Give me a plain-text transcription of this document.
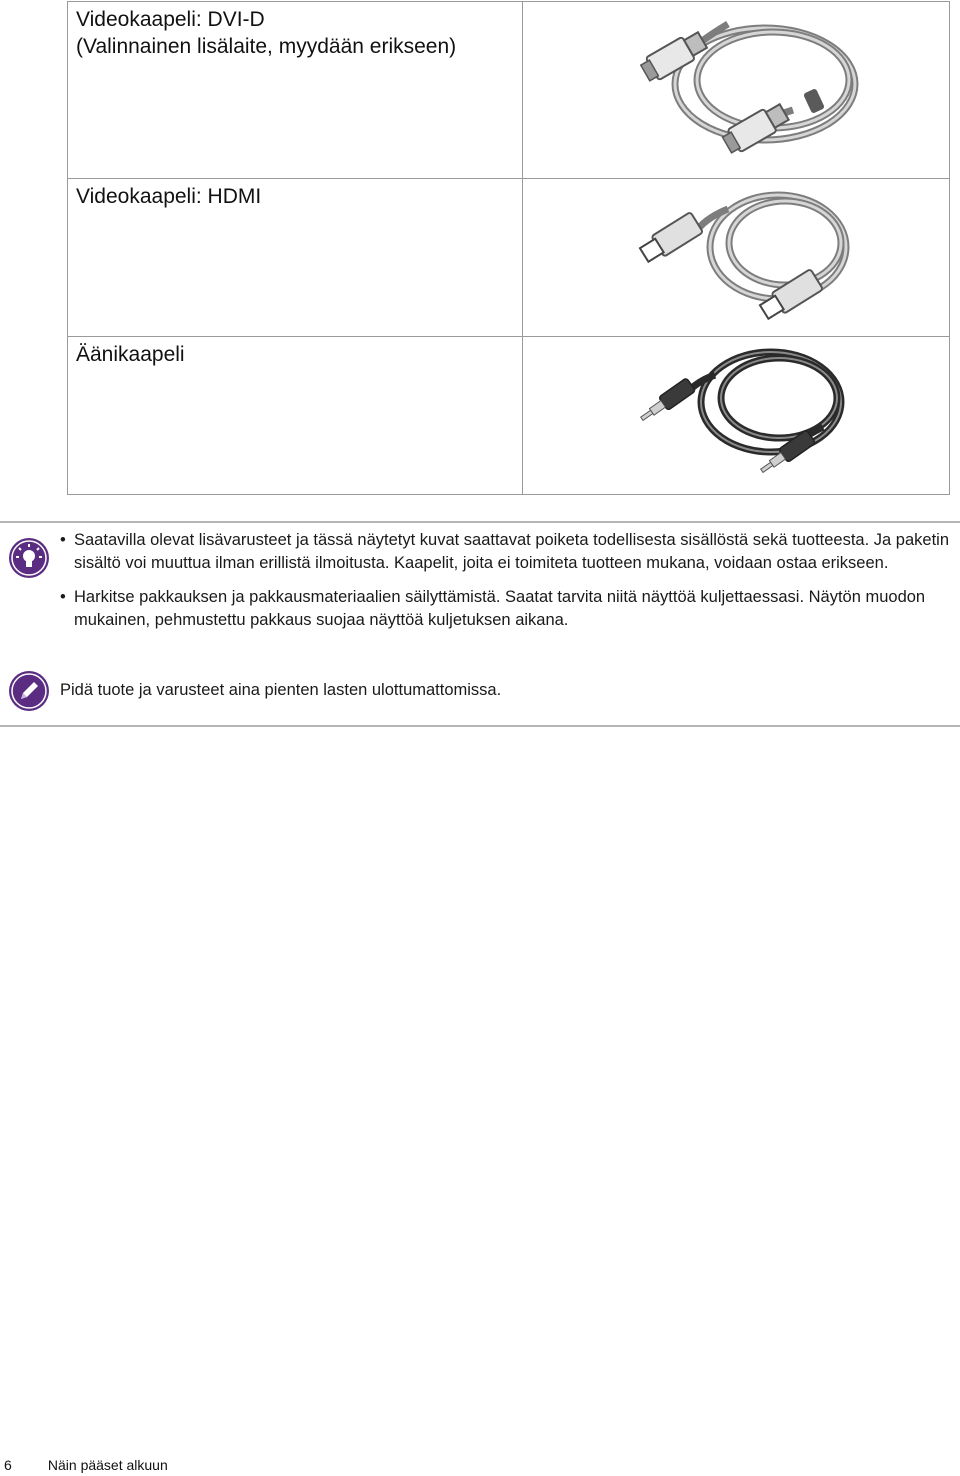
Videokaapeli: DVI-D
(Valinnainen lisälaite, myydään erikseen)

Videokaapeli: HDMI

Äänikaapeli

• Saatavilla olevat lisävarusteet ja tässä näytetyt kuvat saattavat poiketa todellisesta sisällöstä sekä tuotteesta. Ja paketin sisältö voi muuttua ilman erillistä ilmoitusta. Kaapelit, joita ei toimiteta tuotteen mukana, voidaan ostaa erikseen.
• Harkitse pakkauksen ja pakkausmateriaalien säilyttämistä. Saatat tarvita niitä näyttöä kuljettaessasi. Näytön muodon mukainen, pehmustettu pakkaus suojaa näyttöä kuljetuksen aikana.
Pidä tuote ja varusteet aina pienten lasten ulottumattomissa.
6	Näin pääset alkuun
